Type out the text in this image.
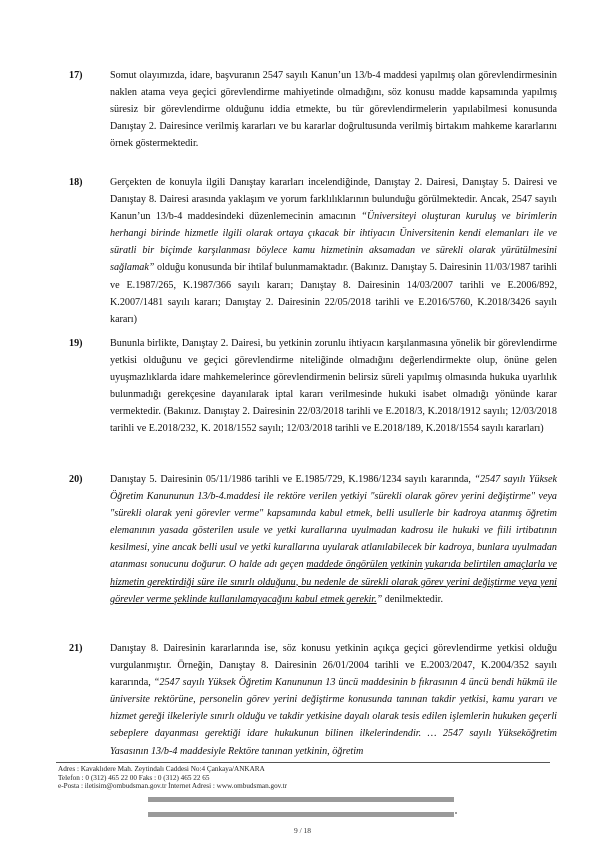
17)	Somut olayımızda, idare, başvuranın 2547 sayılı Kanun’un 13/b-4 maddesi yapılmış olan görevlendirmesinin naklen atama veya geçici görevlendirme mahiyetinde olmadığını, söz konusu madde kapsamında yapılmış süresiz bir görevlendirme olduğunu iddia etmekte, bu tür görevlendirmelerin yapılabilmesi konusunda Danıştay 2. Dairesince verilmiş kararları ve bu kararlar doğrultusunda verilmiş birtakım mahkeme kararlarını örnek göstermektedir.
18)	Gerçekten de konuyla ilgili Danıştay kararları incelendiğinde, Danıştay 2. Dairesi, Danıştay 5. Dairesi ve Danıştay 8. Dairesi arasında yaklaşım ve yorum farklılıklarının bulunduğu görülmektedir. Ancak, 2547 sayılı Kanun’un 13/b-4 maddesindeki düzenlemecinin amacının “Üniversiteyi oluşturan kuruluş ve birimlerin herhangi birinde hizmetle ilgili olarak ortaya çıkacak bir ihtiyacın Üniversitenin kendi elemanları ile ve süratli bir biçimde karşılanması böylece kamu hizmetinin aksamadan ve sürekli olarak yürütülmesini sağlamak” olduğu konusunda bir ihtilaf bulunmamaktadır. (Bakınız. Danıştay 5. Dairesinin 11/03/1987 tarihli ve E.1987/265, K.1987/366 sayılı kararı; Danıştay 8. Dairesinin 14/03/2007 tarihli ve E.2006/892, K.2007/1481 sayılı kararı; Danıştay 2. Dairesinin 22/05/2018 tarihli ve E.2016/5760, K.2018/3426 sayılı kararı)
19)	Bununla birlikte, Danıştay 2. Dairesi, bu yetkinin zorunlu ihtiyacın karşılanmasına yönelik bir görevlendirme yetkisi olduğunu ve geçici görevlendirme niteliğinde olmadığını değerlendirmekte olup, önüne gelen uyuşmazlıklarda idare mahkemelerince görevlendirmenin belirsiz süreli yapılmış olmasında hukuka uyarlılık bulunmadığı gerekçesine dayanılarak iptal kararı verilmesinde hukuki isabet olmadığı yönünde karar vermektedir. (Bakınız. Danıştay 2. Dairesinin 22/03/2018 tarihli ve E.2018/3, K.2018/1912 sayılı; 12/03/2018 tarihli ve E.2018/232, K. 2018/1552 sayılı; 12/03/2018 tarihli ve E.2018/189, K.2018/1554 sayılı kararları)
20)	Danıştay 5. Dairesinin 05/11/1986 tarihli ve E.1985/729, K.1986/1234 sayılı kararında, “2547 sayılı Yüksek Öğretim Kanununun 13/b-4.maddesi ile rektöre verilen yetkiyi "sürekli olarak görev yerini değiştirme" veya "sürekli olarak yeni görevler verme" kapsamında kabul etmek, belli usullerle bir kadroya atanmış öğretim elemanının yasada gösterilen usule ve yetki kurallarına uyulmadan kadrosu ile hukuki ve fiili irtibatının kesilmesi, yine ancak belli usul ve yetki kurallarına uyularak atlanılabilecek bir kadroya, bunlara uyulmadan atanması sonucunu doğurur. O halde adı geçen maddede öngörülen yetkinin yukarıda belirtilen amaçlarla ve hizmetin gerektirdiği süre ile sınırlı olduğunu, bu nedenle de sürekli olarak görev yerini değiştirme veya yeni görevler verme şeklinde kullanılamayacağını kabul etmek gerekir.” denilmektedir.
21)	Danıştay 8. Dairesinin kararlarında ise, söz konusu yetkinin açıkça geçici görevlendirme yetkisi olduğu vurgulanmıştır. Örneğin, Danıştay 8. Dairesinin 26/01/2004 tarihli ve E.2003/2047, K.2004/352 sayılı kararında, “2547 sayılı Yüksek Öğretim Kanununun 13 üncü maddesinin b fıkrasının 4 üncü bendi hükmü ile üniversite rektörüne, personelin görev yerini değiştirme konusunda tanınan takdir yetkisi, kamu yararı ve hizmet gereği ilkeleriyle sınırlı olduğu ve takdir yetkisine dayalı olarak tesis edilen işlemlerin hukuken geçerli sebeplere dayanması gerektiği idare hukukunun bilinen ilkelerindendir. … 2547 sayılı Yükseköğretim Yasasının 13/b-4 maddesiyle Rektöre tanınan yetkinin, öğretim
Adres : Kavaklıdere Mah. Zeytindalı Caddesi No:4 Çankaya/ANKARA
Telefon : 0 (312) 465 22 00 Faks : 0 (312) 465 22 65
e-Posta : iletisim@ombudsman.gov.tr İnternet Adresi : www.ombudsman.gov.tr
9 / 18
